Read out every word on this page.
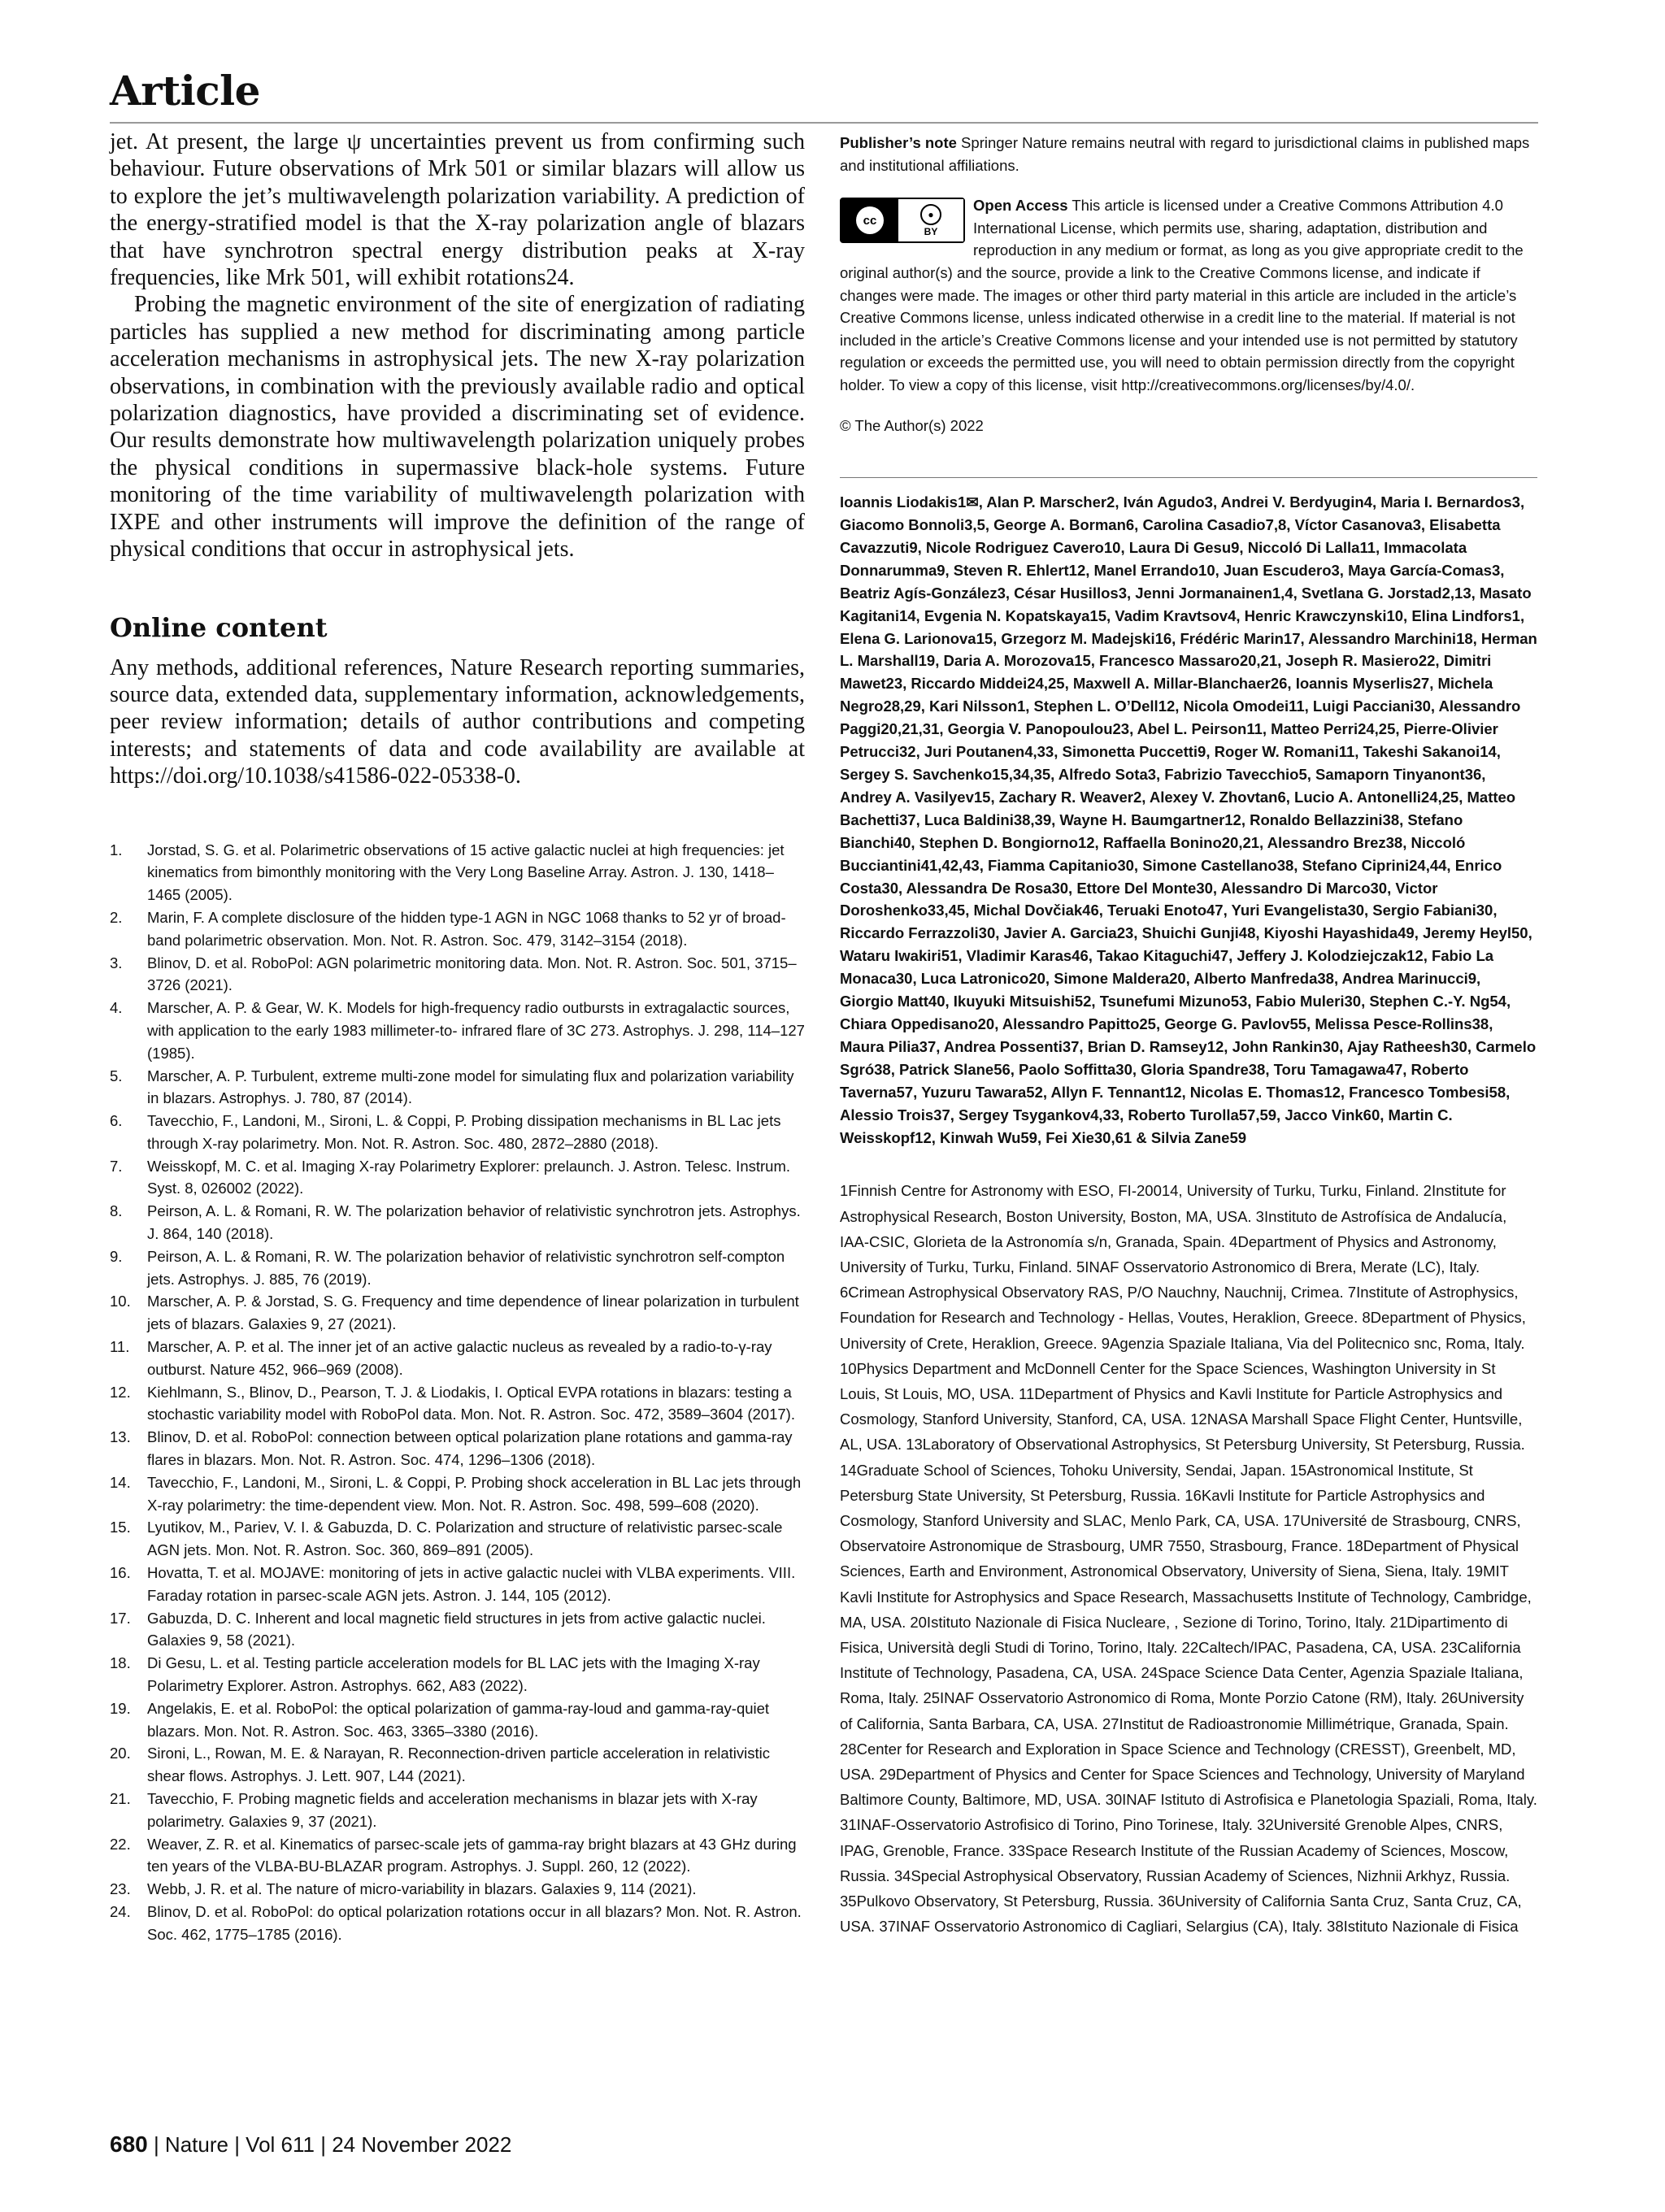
Article

jet. At present, the large ψ uncertainties prevent us from confirming such behaviour. Future observations of Mrk 501 or similar blazars will allow us to explore the jet’s multiwavelength polarization variability. A prediction of the energy-stratified model is that the X-ray polarization angle of blazars that have synchrotron spectral energy distribution peaks at X-ray frequencies, like Mrk 501, will exhibit rotations24.

Probing the magnetic environment of the site of energization of radiating particles has supplied a new method for discriminating among particle acceleration mechanisms in astrophysical jets. The new X-ray polarization observations, in combination with the previously available radio and optical polarization diagnostics, have provided a discriminating set of evidence. Our results demonstrate how multiwavelength polarization uniquely probes the physical conditions in supermassive black-hole systems. Future monitoring of the time variability of multiwavelength polarization with IXPE and other instruments will improve the definition of the range of physical conditions that occur in astrophysical jets.

Online content

Any methods, additional references, Nature Research reporting summaries, source data, extended data, supplementary information, acknowledgements, peer review information; details of author contributions and competing interests; and statements of data and code availability are available at https://doi.org/10.1038/s41586-022-05338-0.

1.	Jorstad, S. G. et al. Polarimetric observations of 15 active galactic nuclei at high frequencies: jet kinematics from bimonthly monitoring with the Very Long Baseline Array. Astron. J. 130, 1418–1465 (2005).
2.	Marin, F. A complete disclosure of the hidden type-1 AGN in NGC 1068 thanks to 52 yr of broad-band polarimetric observation. Mon. Not. R. Astron. Soc. 479, 3142–3154 (2018).
3.	Blinov, D. et al. RoboPol: AGN polarimetric monitoring data. Mon. Not. R. Astron. Soc. 501, 3715–3726 (2021).
4.	Marscher, A. P. & Gear, W. K. Models for high-frequency radio outbursts in extragalactic sources, with application to the early 1983 millimeter-to- infrared flare of 3C 273. Astrophys. J. 298, 114–127 (1985).
5.	Marscher, A. P. Turbulent, extreme multi-zone model for simulating flux and polarization variability in blazars. Astrophys. J. 780, 87 (2014).
6.	Tavecchio, F., Landoni, M., Sironi, L. & Coppi, P. Probing dissipation mechanisms in BL Lac jets through X-ray polarimetry. Mon. Not. R. Astron. Soc. 480, 2872–2880 (2018).
7.	Weisskopf, M. C. et al. Imaging X-ray Polarimetry Explorer: prelaunch. J. Astron. Telesc. Instrum. Syst. 8, 026002 (2022).
8.	Peirson, A. L. & Romani, R. W. The polarization behavior of relativistic synchrotron jets. Astrophys. J. 864, 140 (2018).
9.	Peirson, A. L. & Romani, R. W. The polarization behavior of relativistic synchrotron self-compton jets. Astrophys. J. 885, 76 (2019).
10.	Marscher, A. P. & Jorstad, S. G. Frequency and time dependence of linear polarization in turbulent jets of blazars. Galaxies 9, 27 (2021).
11.	Marscher, A. P. et al. The inner jet of an active galactic nucleus as revealed by a radio-to-γ-ray outburst. Nature 452, 966–969 (2008).
12.	Kiehlmann, S., Blinov, D., Pearson, T. J. & Liodakis, I. Optical EVPA rotations in blazars: testing a stochastic variability model with RoboPol data. Mon. Not. R. Astron. Soc. 472, 3589–3604 (2017).
13.	Blinov, D. et al. RoboPol: connection between optical polarization plane rotations and gamma-ray flares in blazars. Mon. Not. R. Astron. Soc. 474, 1296–1306 (2018).
14.	Tavecchio, F., Landoni, M., Sironi, L. & Coppi, P. Probing shock acceleration in BL Lac jets through X-ray polarimetry: the time-dependent view. Mon. Not. R. Astron. Soc. 498, 599–608 (2020).
15.	Lyutikov, M., Pariev, V. I. & Gabuzda, D. C. Polarization and structure of relativistic parsec-scale AGN jets. Mon. Not. R. Astron. Soc. 360, 869–891 (2005).
16.	Hovatta, T. et al. MOJAVE: monitoring of jets in active galactic nuclei with VLBA experiments. VIII. Faraday rotation in parsec-scale AGN jets. Astron. J. 144, 105 (2012).
17.	Gabuzda, D. C. Inherent and local magnetic field structures in jets from active galactic nuclei. Galaxies 9, 58 (2021).
18.	Di Gesu, L. et al. Testing particle acceleration models for BL LAC jets with the Imaging X-ray Polarimetry Explorer. Astron. Astrophys. 662, A83 (2022).
19.	Angelakis, E. et al. RoboPol: the optical polarization of gamma-ray-loud and gamma-ray-quiet blazars. Mon. Not. R. Astron. Soc. 463, 3365–3380 (2016).
20.	Sironi, L., Rowan, M. E. & Narayan, R. Reconnection-driven particle acceleration in relativistic shear flows. Astrophys. J. Lett. 907, L44 (2021).
21.	Tavecchio, F. Probing magnetic fields and acceleration mechanisms in blazar jets with X-ray polarimetry. Galaxies 9, 37 (2021).
22.	Weaver, Z. R. et al. Kinematics of parsec-scale jets of gamma-ray bright blazars at 43 GHz during ten years of the VLBA-BU-BLAZAR program. Astrophys. J. Suppl. 260, 12 (2022).
23.	Webb, J. R. et al. The nature of micro-variability in blazars. Galaxies 9, 114 (2021).
24.	Blinov, D. et al. RoboPol: do optical polarization rotations occur in all blazars? Mon. Not. R. Astron. Soc. 462, 1775–1785 (2016).

Publisher’s note Springer Nature remains neutral with regard to jurisdictional claims in published maps and institutional affiliations.

cc	●
BY

Open Access This article is licensed under a Creative Commons Attribution 4.0 International License, which permits use, sharing, adaptation, distribution and reproduction in any medium or format, as long as you give appropriate credit to the original author(s) and the source, provide a link to the Creative Commons license, and indicate if changes were made. The images or other third party material in this article are included in the article’s Creative Commons license, unless indicated otherwise in a credit line to the material. If material is not included in the article’s Creative Commons license and your intended use is not permitted by statutory regulation or exceeds the permitted use, you will need to obtain permission directly from the copyright holder. To view a copy of this license, visit http://creativecommons.org/licenses/by/4.0/.

© The Author(s) 2022

Ioannis Liodakis1✉, Alan P. Marscher2, Iván Agudo3, Andrei V. Berdyugin4, Maria I. Bernardos3, Giacomo Bonnoli3,5, George A. Borman6, Carolina Casadio7,8, Víctor Casanova3, Elisabetta Cavazzuti9, Nicole Rodriguez Cavero10, Laura Di Gesu9, Niccoló Di Lalla11, Immacolata Donnarumma9, Steven R. Ehlert12, Manel Errando10, Juan Escudero3, Maya García-Comas3, Beatriz Agís-González3, César Husillos3, Jenni Jormanainen1,4, Svetlana G. Jorstad2,13, Masato Kagitani14, Evgenia N. Kopatskaya15, Vadim Kravtsov4, Henric Krawczynski10, Elina Lindfors1, Elena G. Larionova15, Grzegorz M. Madejski16, Frédéric Marin17, Alessandro Marchini18, Herman L. Marshall19, Daria A. Morozova15, Francesco Massaro20,21, Joseph R. Masiero22, Dimitri Mawet23, Riccardo Middei24,25, Maxwell A. Millar-Blanchaer26, Ioannis Myserlis27, Michela Negro28,29, Kari Nilsson1, Stephen L. O’Dell12, Nicola Omodei11, Luigi Pacciani30, Alessandro Paggi20,21,31, Georgia V. Panopoulou23, Abel L. Peirson11, Matteo Perri24,25, Pierre-Olivier Petrucci32, Juri Poutanen4,33, Simonetta Puccetti9, Roger W. Romani11, Takeshi Sakanoi14, Sergey S. Savchenko15,34,35, Alfredo Sota3, Fabrizio Tavecchio5, Samaporn Tinyanont36, Andrey A. Vasilyev15, Zachary R. Weaver2, Alexey V. Zhovtan6, Lucio A. Antonelli24,25, Matteo Bachetti37, Luca Baldini38,39, Wayne H. Baumgartner12, Ronaldo Bellazzini38, Stefano Bianchi40, Stephen D. Bongiorno12, Raffaella Bonino20,21, Alessandro Brez38, Niccoló Bucciantini41,42,43, Fiamma Capitanio30, Simone Castellano38, Stefano Ciprini24,44, Enrico Costa30, Alessandra De Rosa30, Ettore Del Monte30, Alessandro Di Marco30, Victor Doroshenko33,45, Michal Dovčiak46, Teruaki Enoto47, Yuri Evangelista30, Sergio Fabiani30, Riccardo Ferrazzoli30, Javier A. Garcia23, Shuichi Gunji48, Kiyoshi Hayashida49, Jeremy Heyl50, Wataru Iwakiri51, Vladimir Karas46, Takao Kitaguchi47, Jeffery J. Kolodziejczak12, Fabio La Monaca30, Luca Latronico20, Simone Maldera20, Alberto Manfreda38, Andrea Marinucci9, Giorgio Matt40, Ikuyuki Mitsuishi52, Tsunefumi Mizuno53, Fabio Muleri30, Stephen C.-Y. Ng54, Chiara Oppedisano20, Alessandro Papitto25, George G. Pavlov55, Melissa Pesce-Rollins38, Maura Pilia37, Andrea Possenti37, Brian D. Ramsey12, John Rankin30, Ajay Ratheesh30, Carmelo Sgró38, Patrick Slane56, Paolo Soffitta30, Gloria Spandre38, Toru Tamagawa47, Roberto Taverna57, Yuzuru Tawara52, Allyn F. Tennant12, Nicolas E. Thomas12, Francesco Tombesi58, Alessio Trois37, Sergey Tsygankov4,33, Roberto Turolla57,59, Jacco Vink60, Martin C. Weisskopf12, Kinwah Wu59, Fei Xie30,61 & Silvia Zane59

1Finnish Centre for Astronomy with ESO, FI-20014, University of Turku, Turku, Finland. 2Institute for Astrophysical Research, Boston University, Boston, MA, USA. 3Instituto de Astrofísica de Andalucía, IAA-CSIC, Glorieta de la Astronomía s/n, Granada, Spain. 4Department of Physics and Astronomy, University of Turku, Turku, Finland. 5INAF Osservatorio Astronomico di Brera, Merate (LC), Italy. 6Crimean Astrophysical Observatory RAS, P/O Nauchny, Nauchnij, Crimea. 7Institute of Astrophysics, Foundation for Research and Technology - Hellas, Voutes, Heraklion, Greece. 8Department of Physics, University of Crete, Heraklion, Greece. 9Agenzia Spaziale Italiana, Via del Politecnico snc, Roma, Italy. 10Physics Department and McDonnell Center for the Space Sciences, Washington University in St Louis, St Louis, MO, USA. 11Department of Physics and Kavli Institute for Particle Astrophysics and Cosmology, Stanford University, Stanford, CA, USA. 12NASA Marshall Space Flight Center, Huntsville, AL, USA. 13Laboratory of Observational Astrophysics, St Petersburg University, St Petersburg, Russia. 14Graduate School of Sciences, Tohoku University, Sendai, Japan. 15Astronomical Institute, St Petersburg State University, St Petersburg, Russia. 16Kavli Institute for Particle Astrophysics and Cosmology, Stanford University and SLAC, Menlo Park, CA, USA. 17Université de Strasbourg, CNRS, Observatoire Astronomique de Strasbourg, UMR 7550, Strasbourg, France. 18Department of Physical Sciences, Earth and Environment, Astronomical Observatory, University of Siena, Siena, Italy. 19MIT Kavli Institute for Astrophysics and Space Research, Massachusetts Institute of Technology, Cambridge, MA, USA. 20Istituto Nazionale di Fisica Nucleare, , Sezione di Torino, Torino, Italy. 21Dipartimento di Fisica, Università degli Studi di Torino, Torino, Italy. 22Caltech/IPAC, Pasadena, CA, USA. 23California Institute of Technology, Pasadena, CA, USA. 24Space Science Data Center, Agenzia Spaziale Italiana, Roma, Italy. 25INAF Osservatorio Astronomico di Roma, Monte Porzio Catone (RM), Italy. 26University of California, Santa Barbara, CA, USA. 27Institut de Radioastronomie Millimétrique, Granada, Spain. 28Center for Research and Exploration in Space Science and Technology (CRESST), Greenbelt, MD, USA. 29Department of Physics and Center for Space Sciences and Technology, University of Maryland Baltimore County, Baltimore, MD, USA. 30INAF Istituto di Astrofisica e Planetologia Spaziali, Roma, Italy. 31INAF-Osservatorio Astrofisico di Torino, Pino Torinese, Italy. 32Université Grenoble Alpes, CNRS, IPAG, Grenoble, France. 33Space Research Institute of the Russian Academy of Sciences, Moscow, Russia. 34Special Astrophysical Observatory, Russian Academy of Sciences, Nizhnii Arkhyz, Russia. 35Pulkovo Observatory, St Petersburg, Russia. 36University of California Santa Cruz, Santa Cruz, CA, USA. 37INAF Osservatorio Astronomico di Cagliari, Selargius (CA), Italy. 38Istituto Nazionale di Fisica

680 | Nature | Vol 611 | 24 November 2022
